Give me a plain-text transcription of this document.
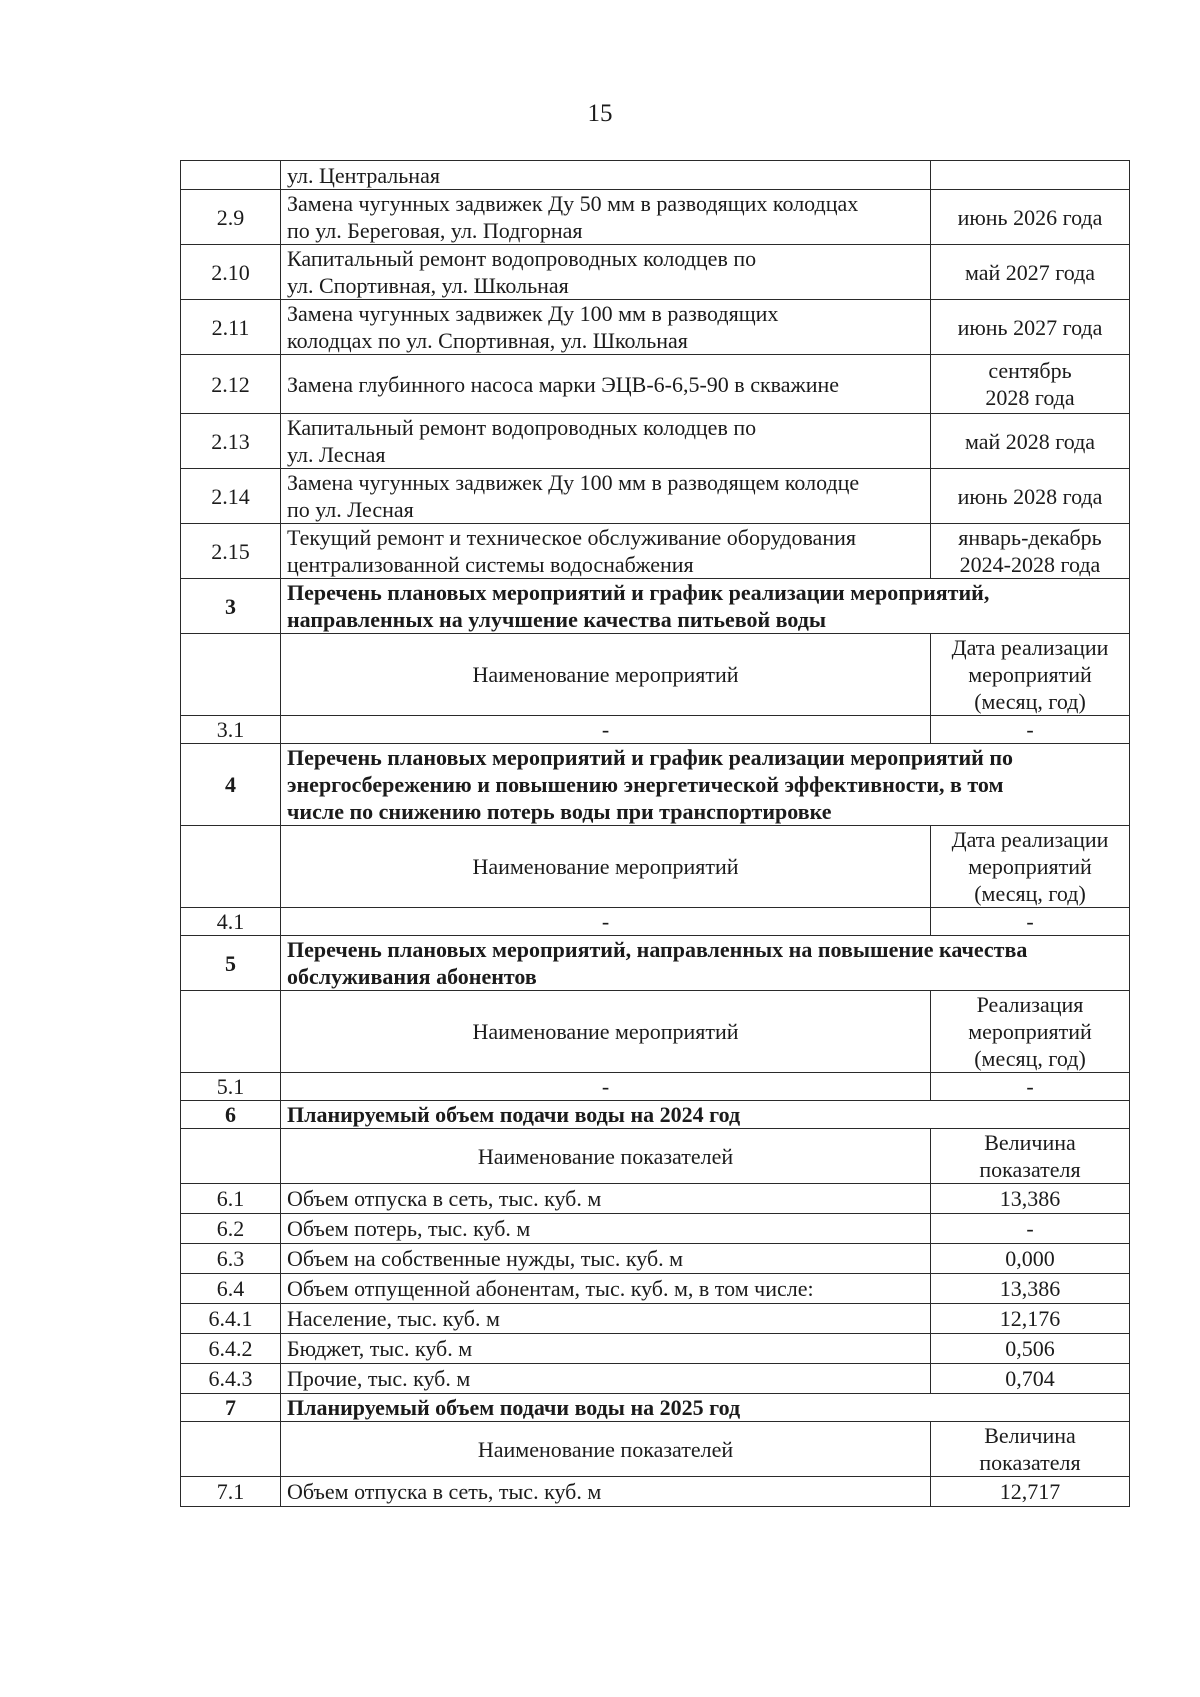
15
	ул. Центральная	
2.9	Замена чугунных задвижек Ду 50 мм в разводящих колодцах
по ул. Береговая, ул. Подгорная	июнь 2026 года
2.10	Капитальный ремонт водопроводных колодцев по
ул. Спортивная, ул. Школьная	май 2027 года
2.11	Замена чугунных задвижек Ду 100 мм в разводящих
колодцах по ул. Спортивная, ул. Школьная	июнь 2027 года
2.12	Замена глубинного насоса марки ЭЦВ-6-6,5-90 в скважине	сентябрь
2028 года
2.13	Капитальный ремонт водопроводных колодцев по
ул. Лесная	май 2028 года
2.14	Замена чугунных задвижек Ду 100 мм в разводящем колодце
по ул. Лесная	июнь 2028 года
2.15	Текущий ремонт и техническое обслуживание оборудования
централизованной системы водоснабжения	январь-декабрь
2024-2028 года
3	Перечень плановых мероприятий и график реализации мероприятий,
направленных на улучшение качества питьевой воды	
	Наименование мероприятий	Дата реализации
мероприятий
(месяц, год)
3.1	-	-
4	Перечень плановых мероприятий и график реализации мероприятий по
энергосбережению и повышению энергетической эффективности, в том
числе по снижению потерь воды при транспортировке	
	Наименование мероприятий	Дата реализации
мероприятий
(месяц, год)
4.1	-	-
5	Перечень плановых мероприятий, направленных на повышение качества
обслуживания абонентов	
	Наименование мероприятий	Реализация
мероприятий
(месяц, год)
5.1	-	-
6	Планируемый объем подачи воды на 2024 год	
	Наименование показателей	Величина
показателя
6.1	Объем отпуска в сеть, тыс. куб. м	13,386
6.2	Объем потерь, тыс. куб. м	-
6.3	Объем на собственные нужды, тыс. куб. м	0,000
6.4	Объем отпущенной абонентам, тыс. куб. м, в том числе:	13,386
6.4.1	Население, тыс. куб. м	12,176
6.4.2	Бюджет, тыс. куб. м	0,506
6.4.3	Прочие, тыс. куб. м	0,704
7	Планируемый объем подачи воды на 2025 год	
	Наименование показателей	Величина
показателя
7.1	Объем отпуска в сеть, тыс. куб. м	12,717
